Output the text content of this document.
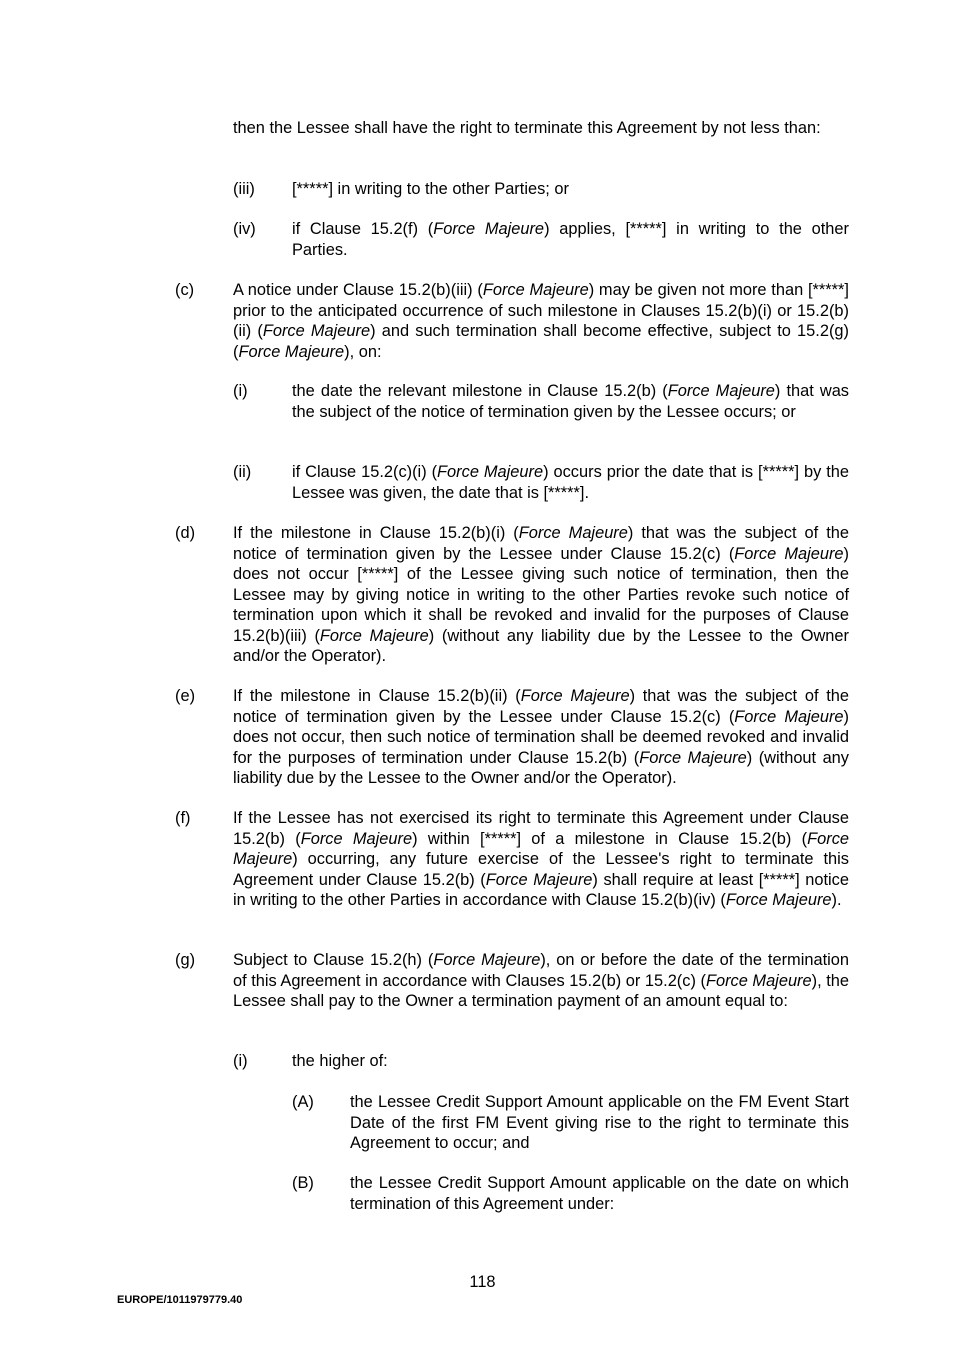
then the Lessee shall have the right to terminate this Agreement by not less than:
(iii) [*****] in writing to the other Parties; or
(iv) if Clause 15.2(f) (Force Majeure) applies, [*****] in writing to the other Parties.
(c) A notice under Clause 15.2(b)(iii) (Force Majeure) may be given not more than [*****] prior to the anticipated occurrence of such milestone in Clauses 15.2(b)(i) or 15.2(b)(ii) (Force Majeure) and such termination shall become effective, subject to 15.2(g) (Force Majeure), on:
(i)	the date the relevant milestone in Clause 15.2(b) (Force Majeure) that was the subject of the notice of termination given by the Lessee occurs; or
(ii) if Clause 15.2(c)(i) (Force Majeure) occurs prior the date that is [*****] by the Lessee was given, the date that is [*****].
(d) If the milestone in Clause 15.2(b)(i) (Force Majeure) that was the subject of the notice of termination given by the Lessee under Clause 15.2(c) (Force Majeure) does not occur [*****] of the Lessee giving such notice of termination, then the Lessee may by giving notice in writing to the other Parties revoke such notice of termination upon which it shall be revoked and invalid for the purposes of Clause 15.2(b)(iii) (Force Majeure) (without any liability due by the Lessee to the Owner and/or the Operator).
(e) If the milestone in Clause 15.2(b)(ii) (Force Majeure) that was the subject of the notice of termination given by the Lessee under Clause 15.2(c) (Force Majeure) does not occur, then such notice of termination shall be deemed revoked and invalid for the purposes of termination under Clause 15.2(b) (Force Majeure) (without any liability due by the Lessee to the Owner and/or the Operator).
(f)	If the Lessee has not exercised its right to terminate this Agreement under Clause 15.2(b) (Force Majeure) within [*****] of a milestone in Clause 15.2(b) (Force Majeure) occurring, any future exercise of the Lessee's right to terminate this Agreement under Clause 15.2(b) (Force Majeure) shall require at least [*****] notice in writing to the other Parties in accordance with Clause 15.2(b)(iv) (Force Majeure).
(g) Subject to Clause 15.2(h) (Force Majeure), on or before the date of the termination of this Agreement in accordance with Clauses 15.2(b) or 15.2(c) (Force Majeure), the Lessee shall pay to the Owner a termination payment of an amount equal to:
(i)	the higher of:
(A) the Lessee Credit Support Amount applicable on the FM Event Start Date of the first FM Event giving rise to the right to terminate this Agreement to occur; and
(B) the Lessee Credit Support Amount applicable on the date on which termination of this Agreement under:
118
EUROPE/1011979779.40
